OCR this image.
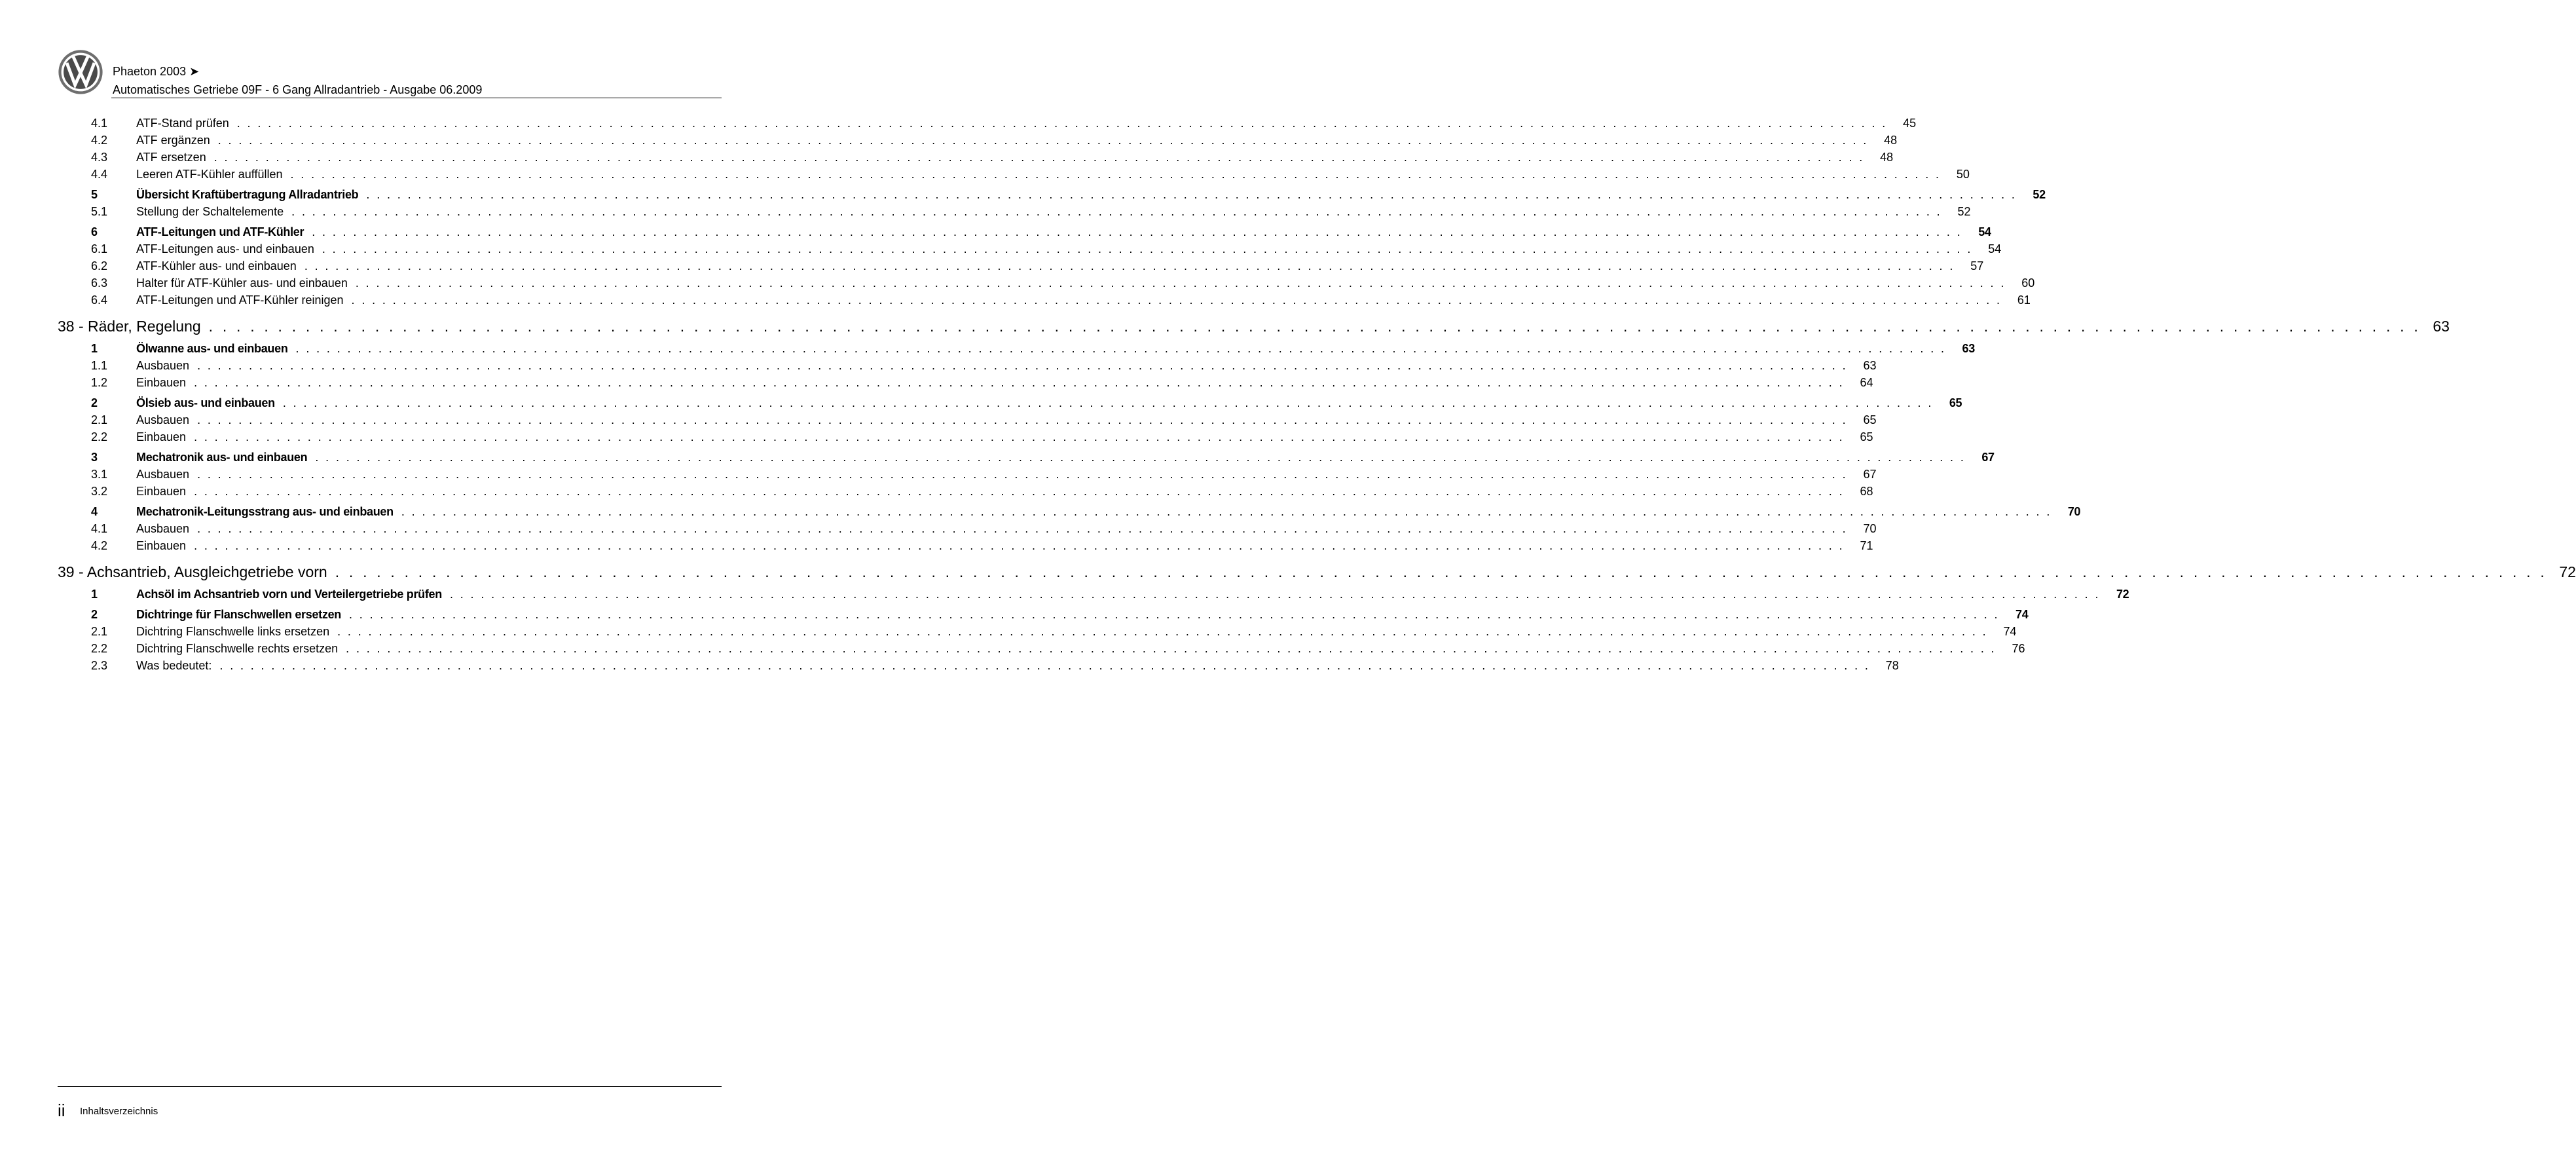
Phaeton 2003 ➤
Automatisches Getriebe 09F - 6 Gang Allradantrieb - Ausgabe 06.2009
4.1	ATF-Stand prüfen . . . . . . . . . . . . . . . . . . . . . . . . . . . . . . . . . . . . . . . . . . . . . . . . . . . . . . . . . . . . . . . . . . . . . . . . . . . . . . . . . . . . . . . . . . . . . . . . . . . . . . . . . . . . . . . . . . . . . . . . . . . . . . . . . . . . . . . . . . . . . . . . . . . . . . . . . . . . . . . .	45
4.2	ATF ergänzen . . . . . . . . . . . . . . . . . . . . . . . . . . . . . . . . . . . . . . . . . . . . . . . . . . . . . . . . . . . . . . . . . . . . . . . . . . . . . . . . . . . . . . . . . . . . . . . . . . . . . . . . . . . . . . . . . . . . . . . . . . . . . . . . . . . . . . . . . . . . . . . . . . . . . . . . . . . . . . . .	48
4.3	ATF ersetzen . . . . . . . . . . . . . . . . . . . . . . . . . . . . . . . . . . . . . . . . . . . . . . . . . . . . . . . . . . . . . . . . . . . . . . . . . . . . . . . . . . . . . . . . . . . . . . . . . . . . . . . . . . . . . . . . . . . . . . . . . . . . . . . . . . . . . . . . . . . . . . . . . . . . . . . . . . . . . . . .	48
4.4	Leeren ATF-Kühler auffüllen . . . . . . . . . . . . . . . . . . . . . . . . . . . . . . . . . . . . . . . . . . . . . . . . . . . . . . . . . . . . . . . . . . . . . . . . . . . . . . . . . . . . . . . . . . . . . . . . . . . . . . . . . . . . . . . . . . . . . . . . . . . . . . . . . . . . . . . . . . . . . . . . . . . . . . . . . . . . . . . .	50
5	Übersicht Kraftübertragung Allradantrieb . . . . . . . . . . . . . . . . . . . . . . . . . . . . . . . . . . . . . . . . . . . . . . . . . . . . . . . . . . . . . . . . . . . . . . . . . . . . . . . . . . . . . . . . . . . . . . . . . . . . . . . . . . . . . . . . . . . . . . . . . . . . . . . . . . . . . . . . . . . . . . . . . . . . . . . . . . . . . . . .	52
5.1	Stellung der Schaltelemente . . . . . . . . . . . . . . . . . . . . . . . . . . . . . . . . . . . . . . . . . . . . . . . . . . . . . . . . . . . . . . . . . . . . . . . . . . . . . . . . . . . . . . . . . . . . . . . . . . . . . . . . . . . . . . . . . . . . . . . . . . . . . . . . . . . . . . . . . . . . . . . . . . . . . . . . . . . . . . . .	52
6	ATF-Leitungen und ATF-Kühler . . . . . . . . . . . . . . . . . . . . . . . . . . . . . . . . . . . . . . . . . . . . . . . . . . . . . . . . . . . . . . . . . . . . . . . . . . . . . . . . . . . . . . . . . . . . . . . . . . . . . . . . . . . . . . . . . . . . . . . . . . . . . . . . . . . . . . . . . . . . . . . . . . . . . . . . . . . . . . . .	54
6.1	ATF-Leitungen aus- und einbauen . . . . . . . . . . . . . . . . . . . . . . . . . . . . . . . . . . . . . . . . . . . . . . . . . . . . . . . . . . . . . . . . . . . . . . . . . . . . . . . . . . . . . . . . . . . . . . . . . . . . . . . . . . . . . . . . . . . . . . . . . . . . . . . . . . . . . . . . . . . . . . . . . . . . . . . . . . . . . . . .	54
6.2	ATF-Kühler aus- und einbauen . . . . . . . . . . . . . . . . . . . . . . . . . . . . . . . . . . . . . . . . . . . . . . . . . . . . . . . . . . . . . . . . . . . . . . . . . . . . . . . . . . . . . . . . . . . . . . . . . . . . . . . . . . . . . . . . . . . . . . . . . . . . . . . . . . . . . . . . . . . . . . . . . . . . . . . . . . . . . . . .	57
6.3	Halter für ATF-Kühler aus- und einbauen . . . . . . . . . . . . . . . . . . . . . . . . . . . . . . . . . . . . . . . . . . . . . . . . . . . . . . . . . . . . . . . . . . . . . . . . . . . . . . . . . . . . . . . . . . . . . . . . . . . . . . . . . . . . . . . . . . . . . . . . . . . . . . . . . . . . . . . . . . . . . . . . . . . . . . . . . . . . . . . .	60
6.4	ATF-Leitungen und ATF-Kühler reinigen . . . . . . . . . . . . . . . . . . . . . . . . . . . . . . . . . . . . . . . . . . . . . . . . . . . . . . . . . . . . . . . . . . . . . . . . . . . . . . . . . . . . . . . . . . . . . . . . . . . . . . . . . . . . . . . . . . . . . . . . . . . . . . . . . . . . . . . . . . . . . . . . . . . . . . . . . . . . . . . .	61
38 - Räder, Regelung . . . . . . . . . . . . . . . . . . . . . . . . . . . . . . . . . . . . . . . . . . . . . . . . . . . . . . . . . . . . . . . . . . . . . . . . . . . . . . . . . . . . . . . . . . . . . . . . . . . . . . . . . . . . . . . . . . . . . . . . . . . . . . . . . . . . . . . . . . . . . . . . . . . . . . . . . . . . . . . . 63
1	Ölwanne aus- und einbauen . . . . . . . . . . . . . . . . . . . . . . . . . . . . . . . . . . . . . . . . . . . . . . . . . . . . . . . . . . . . . . . . . . . . . . . . . . . . . . . . . . . . . . . . . . . . . . . . . . . . . . . . . . . . . . . . . . . . . . . . . . . . . . . . . . . . . . . . . . . . . . . . . . . . . . . . . . . . . . . .	63
1.1	Ausbauen . . . . . . . . . . . . . . . . . . . . . . . . . . . . . . . . . . . . . . . . . . . . . . . . . . . . . . . . . . . . . . . . . . . . . . . . . . . . . . . . . . . . . . . . . . . . . . . . . . . . . . . . . . . . . . . . . . . . . . . . . . . . . . . . . . . . . . . . . . . . . . . . . . . . . . . . . . . . . . . .	63
1.2	Einbauen . . . . . . . . . . . . . . . . . . . . . . . . . . . . . . . . . . . . . . . . . . . . . . . . . . . . . . . . . . . . . . . . . . . . . . . . . . . . . . . . . . . . . . . . . . . . . . . . . . . . . . . . . . . . . . . . . . . . . . . . . . . . . . . . . . . . . . . . . . . . . . . . . . . . . . . . . . . . . . . .	64
2	Ölsieb aus- und einbauen . . . . . . . . . . . . . . . . . . . . . . . . . . . . . . . . . . . . . . . . . . . . . . . . . . . . . . . . . . . . . . . . . . . . . . . . . . . . . . . . . . . . . . . . . . . . . . . . . . . . . . . . . . . . . . . . . . . . . . . . . . . . . . . . . . . . . . . . . . . . . . . . . . . . . . . . . . . . . . . .	65
2.1	Ausbauen . . . . . . . . . . . . . . . . . . . . . . . . . . . . . . . . . . . . . . . . . . . . . . . . . . . . . . . . . . . . . . . . . . . . . . . . . . . . . . . . . . . . . . . . . . . . . . . . . . . . . . . . . . . . . . . . . . . . . . . . . . . . . . . . . . . . . . . . . . . . . . . . . . . . . . . . . . . . . . . .	65
2.2	Einbauen . . . . . . . . . . . . . . . . . . . . . . . . . . . . . . . . . . . . . . . . . . . . . . . . . . . . . . . . . . . . . . . . . . . . . . . . . . . . . . . . . . . . . . . . . . . . . . . . . . . . . . . . . . . . . . . . . . . . . . . . . . . . . . . . . . . . . . . . . . . . . . . . . . . . . . . . . . . . . . . .	65
3	Mechatronik aus- und einbauen . . . . . . . . . . . . . . . . . . . . . . . . . . . . . . . . . . . . . . . . . . . . . . . . . . . . . . . . . . . . . . . . . . . . . . . . . . . . . . . . . . . . . . . . . . . . . . . . . . . . . . . . . . . . . . . . . . . . . . . . . . . . . . . . . . . . . . . . . . . . . . . . . . . . . . . . . . . . . . . .	67
3.1	Ausbauen . . . . . . . . . . . . . . . . . . . . . . . . . . . . . . . . . . . . . . . . . . . . . . . . . . . . . . . . . . . . . . . . . . . . . . . . . . . . . . . . . . . . . . . . . . . . . . . . . . . . . . . . . . . . . . . . . . . . . . . . . . . . . . . . . . . . . . . . . . . . . . . . . . . . . . . . . . . . . . . .	67
3.2	Einbauen . . . . . . . . . . . . . . . . . . . . . . . . . . . . . . . . . . . . . . . . . . . . . . . . . . . . . . . . . . . . . . . . . . . . . . . . . . . . . . . . . . . . . . . . . . . . . . . . . . . . . . . . . . . . . . . . . . . . . . . . . . . . . . . . . . . . . . . . . . . . . . . . . . . . . . . . . . . . . . . .	68
4	Mechatronik-Leitungsstrang aus- und einbauen . . . . . . . . . . . . . . . . . . . . . . . . . . . . . . . . . . . . . . . . . . . . . . . . . . . . . . . . . . . . . . . . . . . . . . . . . . . . . . . . . . . . . . . . . . . . . . . . . . . . . . . . . . . . . . . . . . . . . . . . . . . . . . . . . . . . . . . . . . . . . . . . . . . . . . . . . . . . . . . .	70
4.1	Ausbauen . . . . . . . . . . . . . . . . . . . . . . . . . . . . . . . . . . . . . . . . . . . . . . . . . . . . . . . . . . . . . . . . . . . . . . . . . . . . . . . . . . . . . . . . . . . . . . . . . . . . . . . . . . . . . . . . . . . . . . . . . . . . . . . . . . . . . . . . . . . . . . . . . . . . . . . . . . . . . . . .	70
4.2	Einbauen . . . . . . . . . . . . . . . . . . . . . . . . . . . . . . . . . . . . . . . . . . . . . . . . . . . . . . . . . . . . . . . . . . . . . . . . . . . . . . . . . . . . . . . . . . . . . . . . . . . . . . . . . . . . . . . . . . . . . . . . . . . . . . . . . . . . . . . . . . . . . . . . . . . . . . . . . . . . . . . .	71
39 - Achsantrieb, Ausgleichgetriebe vorn . . . . . . . . . . . . . . . . . . . . . . . . . . . . . . . . . . . . . . . . . . . . . . . . . . . . . . . . . . . . . . . . . . . . . . . . . . . . . . . . . . . . . . . . . . . . . . . . . . . . . . . . . . . . . . . . . . . . . . . . . . . . . . . . . . . . . . . . . . . . . . . . . . . . . . . . . . . . . . . . 72
1	Achsöl im Achsantrieb vorn und Verteilergetriebe prüfen . . . . . . . . . . . . . . . . . . . . . . . . . . . . . . . . . . . . . . . . . . . . . . . . . . . . . . . . . . . . . . . . . . . . . . . . . . . . . . . . . . . . . . . . . . . . . . . . . . . . . . . . . . . . . . . . . . . . . . . . . . . . . . . . . . . . . . . . . . . . . . . . . . . . . . . . . . . . . . . .	72
2	Dichtringe für Flanschwellen ersetzen . . . . . . . . . . . . . . . . . . . . . . . . . . . . . . . . . . . . . . . . . . . . . . . . . . . . . . . . . . . . . . . . . . . . . . . . . . . . . . . . . . . . . . . . . . . . . . . . . . . . . . . . . . . . . . . . . . . . . . . . . . . . . . . . . . . . . . . . . . . . . . . . . . . . . . . . . . . . . . . .	74
2.1	Dichtring Flanschwelle links ersetzen . . . . . . . . . . . . . . . . . . . . . . . . . . . . . . . . . . . . . . . . . . . . . . . . . . . . . . . . . . . . . . . . . . . . . . . . . . . . . . . . . . . . . . . . . . . . . . . . . . . . . . . . . . . . . . . . . . . . . . . . . . . . . . . . . . . . . . . . . . . . . . . . . . . . . . . . . . . . . . . .	74
2.2	Dichtring Flanschwelle rechts ersetzen . . . . . . . . . . . . . . . . . . . . . . . . . . . . . . . . . . . . . . . . . . . . . . . . . . . . . . . . . . . . . . . . . . . . . . . . . . . . . . . . . . . . . . . . . . . . . . . . . . . . . . . . . . . . . . . . . . . . . . . . . . . . . . . . . . . . . . . . . . . . . . . . . . . . . . . . . . . . . . . .	76
2.3	Was bedeutet: . . . . . . . . . . . . . . . . . . . . . . . . . . . . . . . . . . . . . . . . . . . . . . . . . . . . . . . . . . . . . . . . . . . . . . . . . . . . . . . . . . . . . . . . . . . . . . . . . . . . . . . . . . . . . . . . . . . . . . . . . . . . . . . . . . . . . . . . . . . . . . . . . . . . . . . . . . . . . . . .	78
ii Inhaltsverzeichnis
